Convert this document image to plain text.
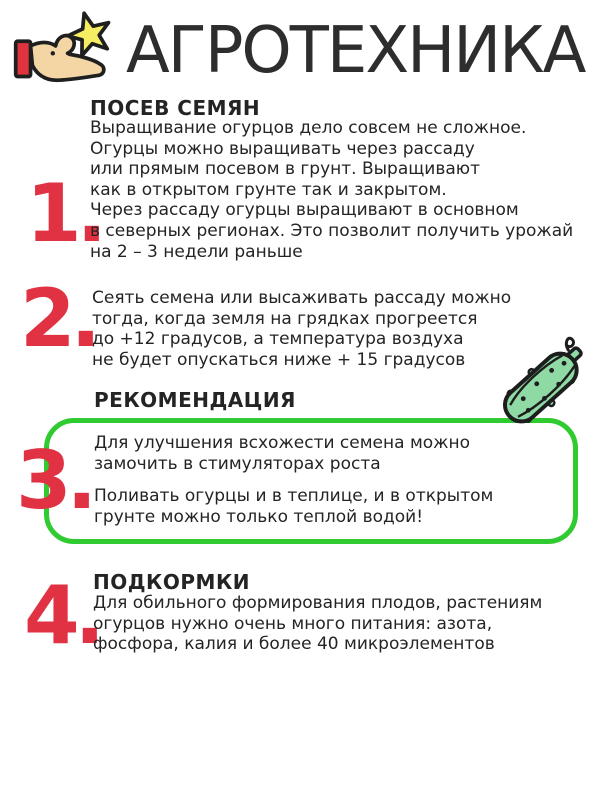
АГРОТЕХНИКА
1.
ПОСЕВ СЕМЯН
Выращивание огурцов дело совсем не сложное.
Огурцы можно выращивать через рассаду
или прямым посевом в грунт. Выращивают
как в открытом грунте так и закрытом.
Через рассаду огурцы выращивают в основном
в северных регионах. Это позволит получить урожай
на 2 – 3 недели раньше
2.
Сеять семена или высаживать рассаду можно
тогда, когда земля на грядках прогреется
до +12 градусов, а температура воздуха
не будет опускаться ниже + 15 градусов
РЕКОМЕНДАЦИЯ
3. Для улучшения всхожести семена можно
замочить в стимуляторах роста
Поливать огурцы и в теплице, и в открытом
грунте можно только теплой водой!
4.
ПОДКОРМКИ
Для обильного формирования плодов, растениям
огурцов нужно очень много питания: азота,
фосфора, калия и более 40 микроэлементов
